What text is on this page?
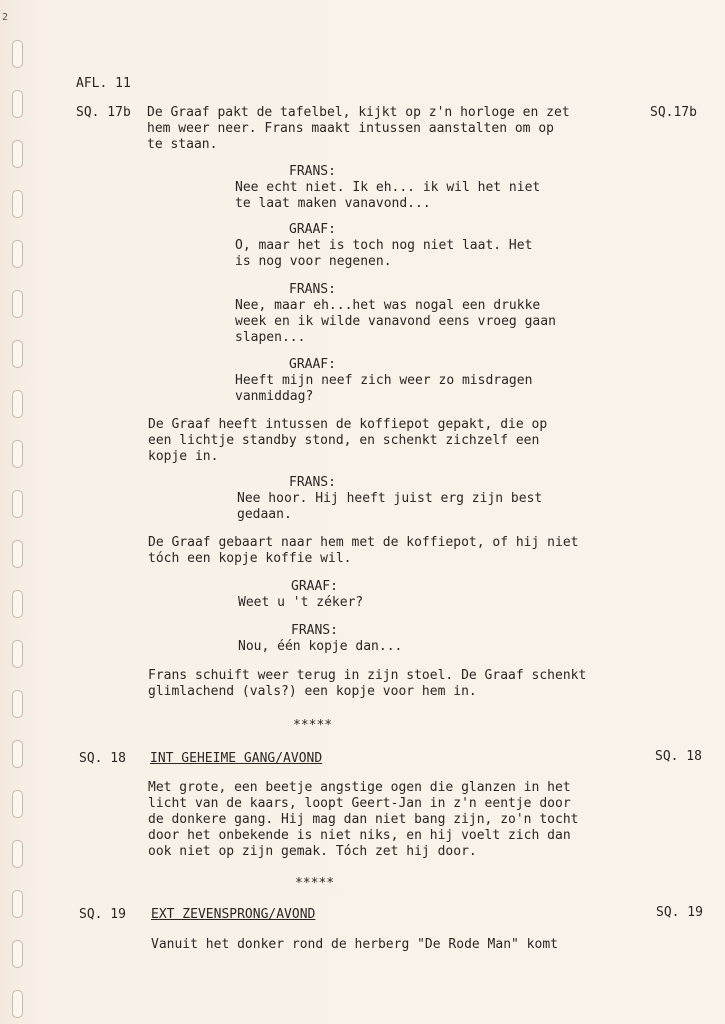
2
AFL. 11
SQ. 17b	SQ.17b
De Graaf pakt de tafelbel, kijkt op z'n horloge en zet
hem weer neer. Frans maakt intussen aanstalten om op
te staan.
FRANS:
Nee echt niet. Ik eh... ik wil het niet
te laat maken vanavond...
GRAAF:
O, maar het is toch nog niet laat. Het
is nog voor negenen.
FRANS:
Nee, maar eh...het was nogal een drukke
week en ik wilde vanavond eens vroeg gaan
slapen...
GRAAF:
Heeft mijn neef zich weer zo misdragen
vanmiddag?
De Graaf heeft intussen de koffiepot gepakt, die op
een lichtje standby stond, en schenkt zichzelf een
kopje in.
FRANS:
Nee hoor. Hij heeft juist erg zijn best
gedaan.
De Graaf gebaart naar hem met de koffiepot, of hij niet
tóch een kopje koffie wil.
GRAAF:
Weet u 't zéker?
FRANS:
Nou, één kopje dan...
Frans schuift weer terug in zijn stoel. De Graaf schenkt
glimlachend (vals?) een kopje voor hem in.
*****
SQ. 18	SQ. 18
INT GEHEIME GANG/AVOND
Met grote, een beetje angstige ogen die glanzen in het
licht van de kaars, loopt Geert-Jan in z'n eentje door
de donkere gang. Hij mag dan niet bang zijn, zo'n tocht
door het onbekende is niet niks, en hij voelt zich dan
ook niet op zijn gemak. Tóch zet hij door.
*****
SQ. 19	SQ. 19
EXT ZEVENSPRONG/AVOND
Vanuit het donker rond de herberg "De Rode Man" komt
